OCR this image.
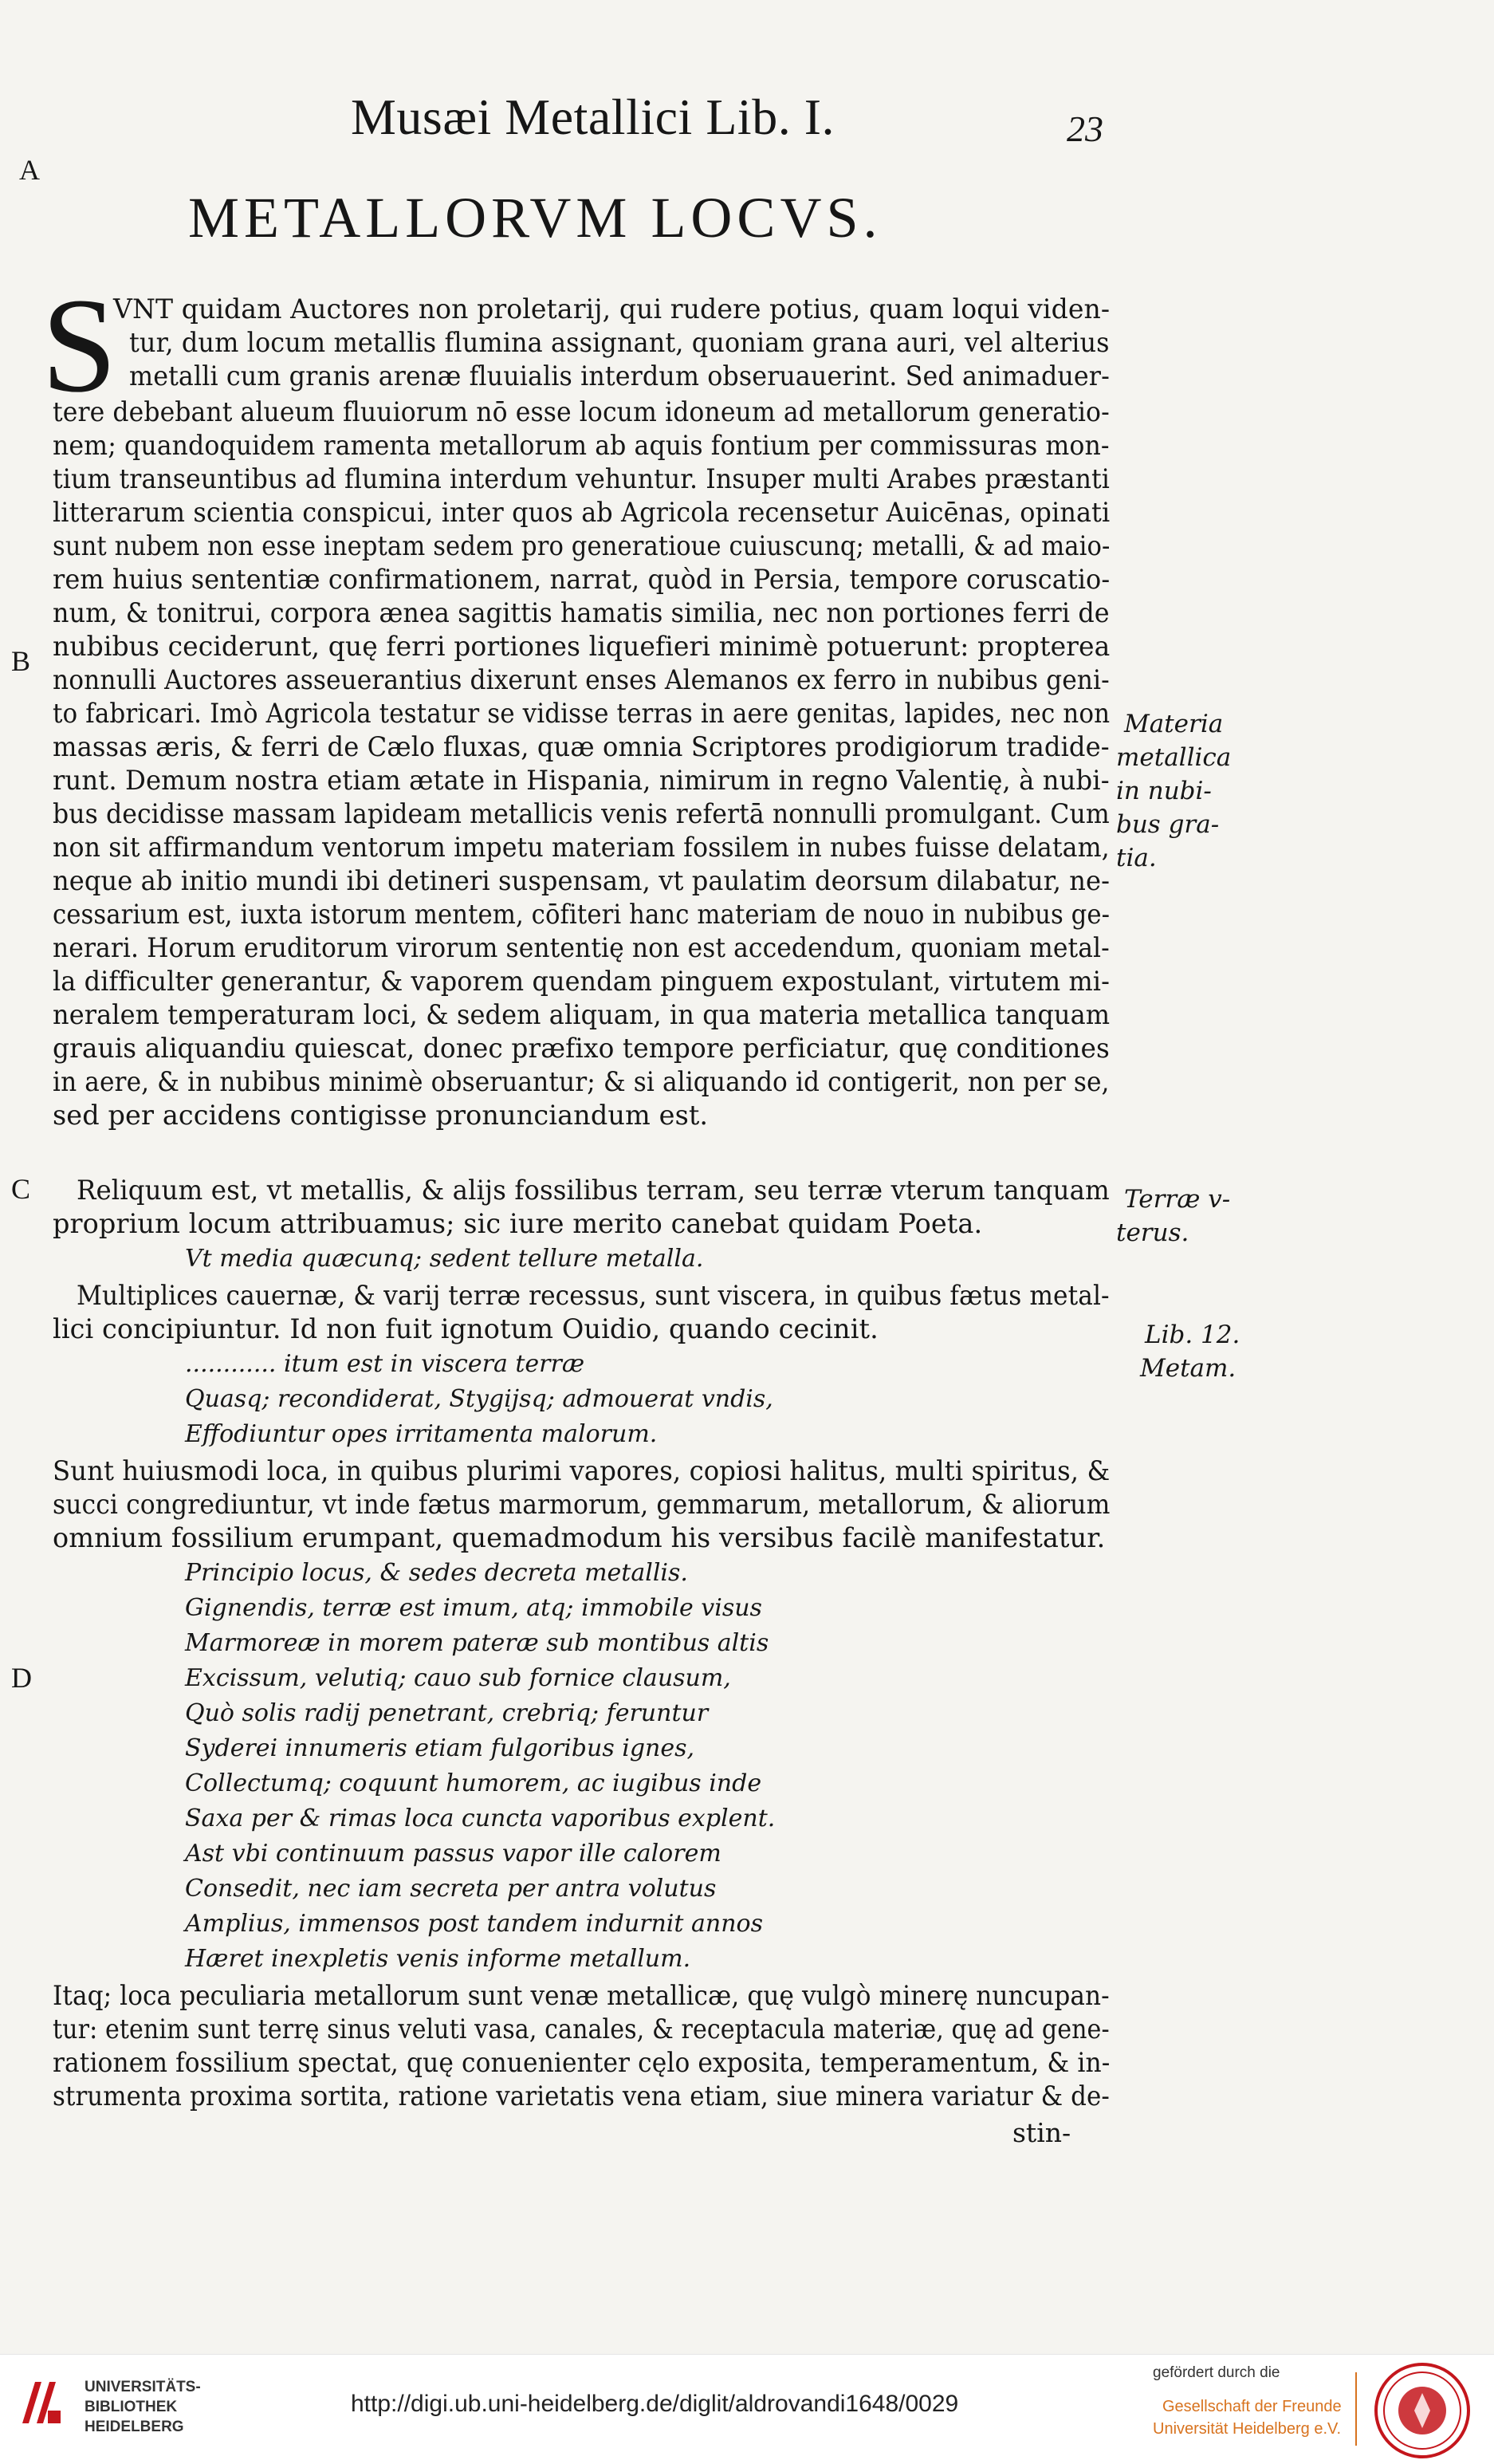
Musæi Metallici Lib. I.	23
A
B
C
D
METALLORVM LOCVS.
S
VNT quidam Auctores non proletarij, qui rudere potius, quam loqui viden-
tur, dum locum metallis flumina assignant, quoniam grana auri, vel alterius
metalli cum granis arenæ fluuialis interdum obseruauerint. Sed animaduer-
tere debebant alueum fluuiorum nō esse locum idoneum ad metallorum generatio-
nem; quandoquidem ramenta metallorum ab aquis fontium per commissuras mon-
tium transeuntibus ad flumina interdum vehuntur. Insuper multi Arabes præstanti
litterarum scientia conspicui, inter quos ab Agricola recensetur Auicēnas, opinati
sunt nubem non esse ineptam sedem pro generatioue cuiuscunq; metalli, & ad maio-
rem huius sententiæ confirmationem, narrat, quòd in Persia, tempore coruscatio-
num, & tonitrui, corpora ænea sagittis hamatis similia, nec non portiones ferri de
nubibus ceciderunt, quę ferri portiones liquefieri minimè potuerunt: propterea
nonnulli Auctores asseuerantius dixerunt enses Alemanos ex ferro in nubibus geni-
to fabricari. Imò Agricola testatur se vidisse terras in aere genitas, lapides, nec non
massas æris, & ferri de Cælo fluxas, quæ omnia Scriptores prodigiorum tradide-
runt. Demum nostra etiam ætate in Hispania, nimirum in regno Valentię, à nubi-
bus decidisse massam lapideam metallicis venis refertā nonnulli promulgant. Cum
non sit affirmandum ventorum impetu materiam fossilem in nubes fuisse delatam,
neque ab initio mundi ibi detineri suspensam, vt paulatim deorsum dilabatur, ne-
cessarium est, iuxta istorum mentem, cōfiteri hanc materiam de nouo in nubibus ge-
nerari. Horum eruditorum virorum sententię non est accedendum, quoniam metal-
la difficulter generantur, & vaporem quendam pinguem expostulant, virtutem mi-
neralem temperaturam loci, & sedem aliquam, in qua materia metallica tanquam
grauis aliquandiu quiescat, donec præfixo tempore perficiatur, quę conditiones
in aere, & in nubibus minimè obseruantur; & si aliquando id contigerit, non per se,
sed per accidens contigisse pronunciandum est.
Reliquum est, vt metallis, & alijs fossilibus terram, seu terræ vterum tanquam
proprium locum attribuamus; sic iure merito canebat quidam Poeta.
Vt media quæcunq; sedent tellure metalla.
Multiplices cauernæ, & varij terræ recessus, sunt viscera, in quibus fætus metal-
lici concipiuntur. Id non fuit ignotum Ouidio, quando cecinit.
............ itum est in viscera terræ
Quasq; recondiderat, Stygijsq; admouerat vndis,
Effodiuntur opes irritamenta malorum.
Sunt huiusmodi loca, in quibus plurimi vapores, copiosi halitus, multi spiritus, &
succi congrediuntur, vt inde fætus marmorum, gemmarum, metallorum, & aliorum
omnium fossilium erumpant, quemadmodum his versibus facilè manifestatur.
Principio locus, & sedes decreta metallis.
Gignendis, terræ est imum, atq; immobile visus
Marmoreæ in morem pateræ sub montibus altis
Excissum, velutiq; cauo sub fornice clausum,
Quò solis radij penetrant, crebriq; feruntur
Syderei innumeris etiam fulgoribus ignes,
Collectumq; coquunt humorem, ac iugibus inde
Saxa per & rimas loca cuncta vaporibus explent.
Ast vbi continuum passus vapor ille calorem
Consedit, nec iam secreta per antra volutus
Amplius, immensos post tandem indurnit annos
Hæret inexpletis venis informe metallum.
Itaq; loca peculiaria metallorum sunt venæ metallicæ, quę vulgò minerę nuncupan-
tur: etenim sunt terrę sinus veluti vasa, canales, & receptacula materiæ, quę ad gene-
rationem fossilium spectat, quę conuenienter cęlo exposita, temperamentum, & in-
strumenta proxima sortita, ratione varietatis vena etiam, siue minera variatur & de-
stin-
Materia
metallica
in nubi-
bus gra-
tia.
Terræ v-
terus.
Lib. 12.
Metam.
UNIVERSITÄTS-
BIBLIOTHEK
HEIDELBERG
http://digi.ub.uni-heidelberg.de/diglit/aldrovandi1648/0029
gefördert durch die
Gesellschaft der Freunde
Universität Heidelberg e.V.
